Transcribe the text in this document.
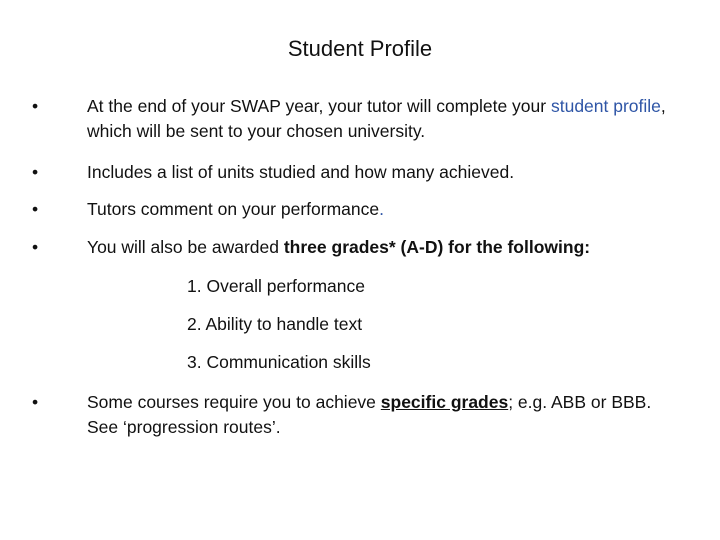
Student Profile
•	At the end of your SWAP year, your tutor will complete your student profile, which will be sent to your chosen university.
•	Includes a list of units studied and how many achieved.
•	Tutors comment on your performance.
•	You will also be awarded three grades* (A-D) for the following:
1. Overall performance
2. Ability to handle text
3. Communication skills
•	Some courses require you to achieve specific grades; e.g. ABB or BBB. See ‘progression routes’.
